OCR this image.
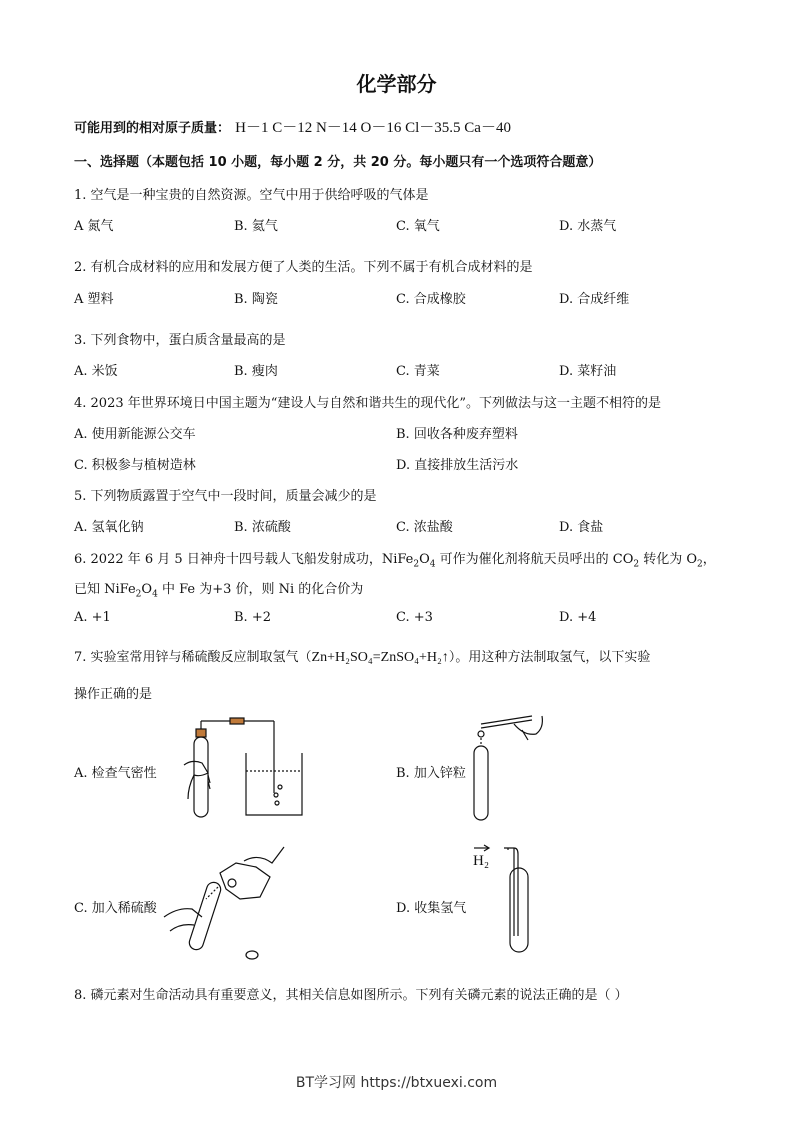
化学部分
可能用到的相对原子质量： H－1 C－12 N－14 O－16 Cl－35.5 Ca－40
一、选择题（本题包括 10 小题，每小题 2 分，共 20 分。每小题只有一个选项符合题意）
1. 空气是一种宝贵的自然资源。空气中用于供给呼吸的气体是
A 氮气	B. 氦气	C. 氧气	D. 水蒸气
2. 有机合成材料的应用和发展方便了人类的生活。下列不属于有机合成材料的是
A 塑料	B. 陶瓷	C. 合成橡胶	D. 合成纤维
3. 下列食物中，蛋白质含量最高的是
A. 米饭	B. 瘦肉	C. 青菜	D. 菜籽油
4. 2023 年世界环境日中国主题为“建设人与自然和谐共生的现代化”。下列做法与这一主题不相符的是
A. 使用新能源公交车	B. 回收各种废弃塑料
C. 积极参与植树造林	D. 直接排放生活污水
5. 下列物质露置于空气中一段时间，质量会减少的是
A. 氢氧化钠	B. 浓硫酸	C. 浓盐酸	D. 食盐
6. 2022 年 6 月 5 日神舟十四号载人飞船发射成功，$NiFe_2O_4$ 可作为催化剂将航天员呼出的 $CO_2$ 转化为 $O_2$，
已知 $NiFe_2O_4$ 中 Fe 为+3 价，则 Ni 的化合价为
A. +1	B. +2	C. +3	D. +4
7. 实验室常用锌与稀硫酸反应制取氢气（Zn+H₂SO₄=ZnSO₄+H₂↑）。用这种方法制取氢气，以下实验
操作正确的是
A. 检查气密性	B. 加入锌粒
C. 加入稀硫酸	D. 收集氢气
H₂
8. 磷元素对生命活动具有重要意义，其相关信息如图所示。下列有关磷元素的说法正确的是（ ）
BT学习网 https://btxuexi.com
